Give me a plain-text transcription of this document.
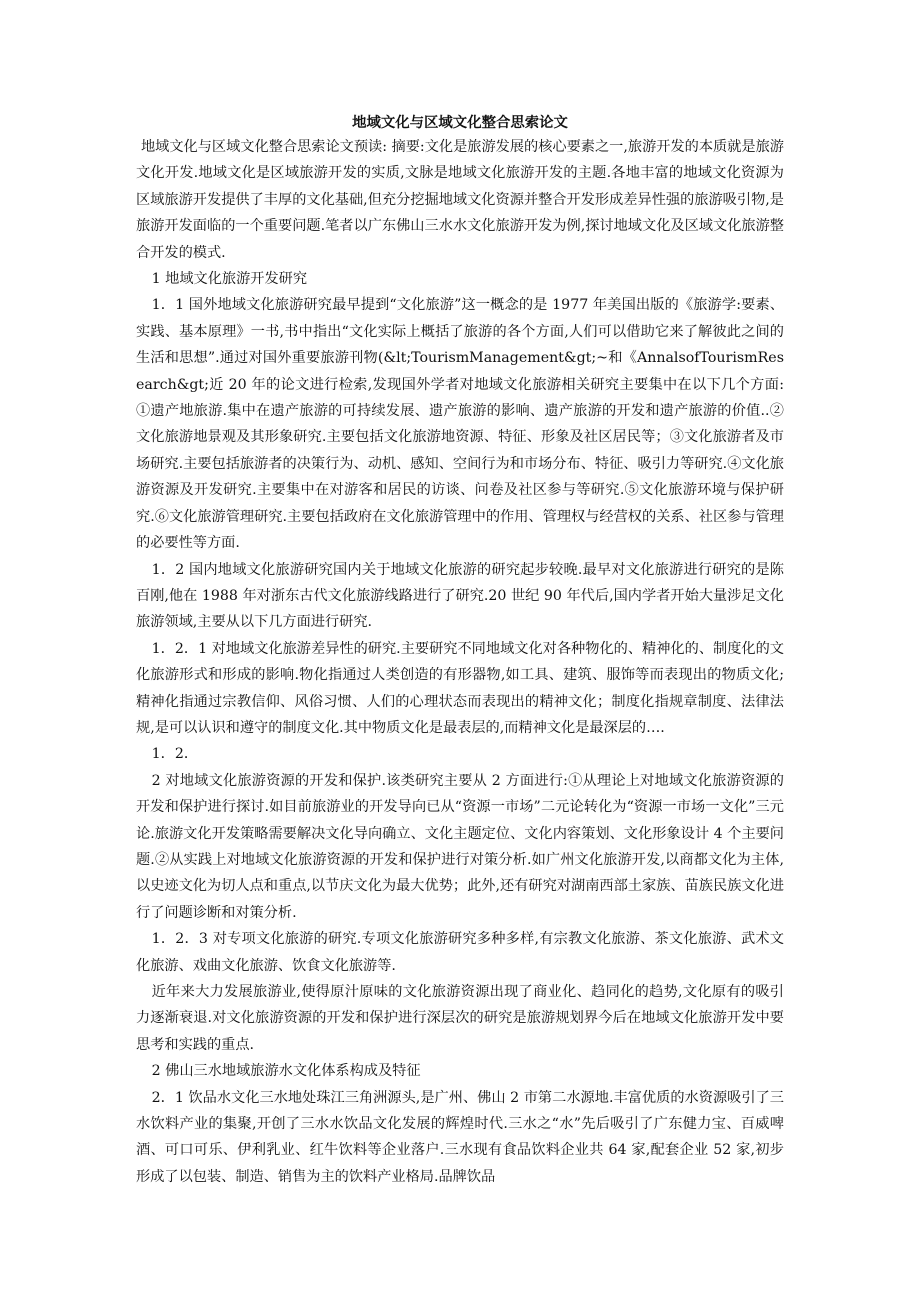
地域文化与区域文化整合思索论文

地域文化与区域文化整合思索论文预读: 摘要:文化是旅游发展的核心要素之一,旅游开发的本质就是旅游文化开发.地域文化是区域旅游开发的实质,文脉是地域文化旅游开发的主题.各地丰富的地域文化资源为区域旅游开发提供了丰厚的文化基础,但充分挖掘地域文化资源并整合开发形成差异性强的旅游吸引物,是旅游开发面临的一个重要问题.笔者以广东佛山三水水文化旅游开发为例,探讨地域文化及区域文化旅游整合开发的模式.

1 地域文化旅游开发研究

1．1 国外地域文化旅游研究最早提到“文化旅游”这一概念的是 1977 年美国出版的《旅游学:要素、实践、基本原理》一书,书中指出“文化实际上概括了旅游的各个方面,人们可以借助它来了解彼此之间的生活和思想”.通过对国外重要旅游刊物(&lt;TourismManagement&gt;~和《AnnalsofTourismResearch&gt;近 20 年的论文进行检索,发现国外学者对地域文化旅游相关研究主要集中在以下几个方面:①遗产地旅游.集中在遗产旅游的可持续发展、遗产旅游的影响、遗产旅游的开发和遗产旅游的价值..②文化旅游地景观及其形象研究.主要包括文化旅游地资源、特征、形象及社区居民等；③文化旅游者及市场研究.主要包括旅游者的决策行为、动机、感知、空间行为和市场分布、特征、吸引力等研究.④文化旅游资源及开发研究.主要集中在对游客和居民的访谈、问卷及社区参与等研究.⑤文化旅游环境与保护研究.⑥文化旅游管理研究.主要包括政府在文化旅游管理中的作用、管理权与经营权的关系、社区参与管理的必要性等方面.

1．2 国内地域文化旅游研究国内关于地域文化旅游的研究起步较晚.最早对文化旅游进行研究的是陈百刚,他在 1988 年对浙东古代文化旅游线路进行了研究.20 世纪 90 年代后,国内学者开始大量涉足文化旅游领域,主要从以下几方面进行研究.

1．2．1 对地域文化旅游差异性的研究.主要研究不同地域文化对各种物化的、精神化的、制度化的文化旅游形式和形成的影响.物化指通过人类创造的有形器物,如工具、建筑、服饰等而表现出的物质文化; 精神化指通过宗教信仰、风俗习惯、人们的心理状态而表现出的精神文化；制度化指规章制度、法律法规,是可以认识和遵守的制度文化.其中物质文化是最表层的,而精神文化是最深层的….

1．2．

2 对地域文化旅游资源的开发和保护.该类研究主要从 2 方面进行:①从理论上对地域文化旅游资源的开发和保护进行探讨.如目前旅游业的开发导向已从“资源一市场”二元论转化为“资源一市场一文化”三元论.旅游文化开发策略需要解决文化导向确立、文化主题定位、文化内容策划、文化形象设计 4 个主要问题.②从实践上对地域文化旅游资源的开发和保护进行对策分析.如广州文化旅游开发,以商都文化为主体,以史迹文化为切人点和重点,以节庆文化为最大优势；此外,还有研究对湖南西部土家族、苗族民族文化进行了问题诊断和对策分析.

1．2．3 对专项文化旅游的研究.专项文化旅游研究多种多样,有宗教文化旅游、茶文化旅游、武术文化旅游、戏曲文化旅游、饮食文化旅游等.

近年来大力发展旅游业,使得原汁原味的文化旅游资源出现了商业化、趋同化的趋势,文化原有的吸引力逐渐衰退.对文化旅游资源的开发和保护进行深层次的研究是旅游规划界今后在地域文化旅游开发中要思考和实践的重点.

2 佛山三水地域旅游水文化体系构成及特征

2．1 饮品水文化三水地处珠江三角洲源头,是广州、佛山 2 市第二水源地.丰富优质的水资源吸引了三水饮料产业的集聚,开创了三水水饮品文化发展的辉煌时代.三水之“水”先后吸引了广东健力宝、百威啤酒、可口可乐、伊利乳业、红牛饮料等企业落户.三水现有食品饮料企业共 64 家,配套企业 52 家,初步形成了以包装、制造、销售为主的饮料产业格局.品牌饮品
